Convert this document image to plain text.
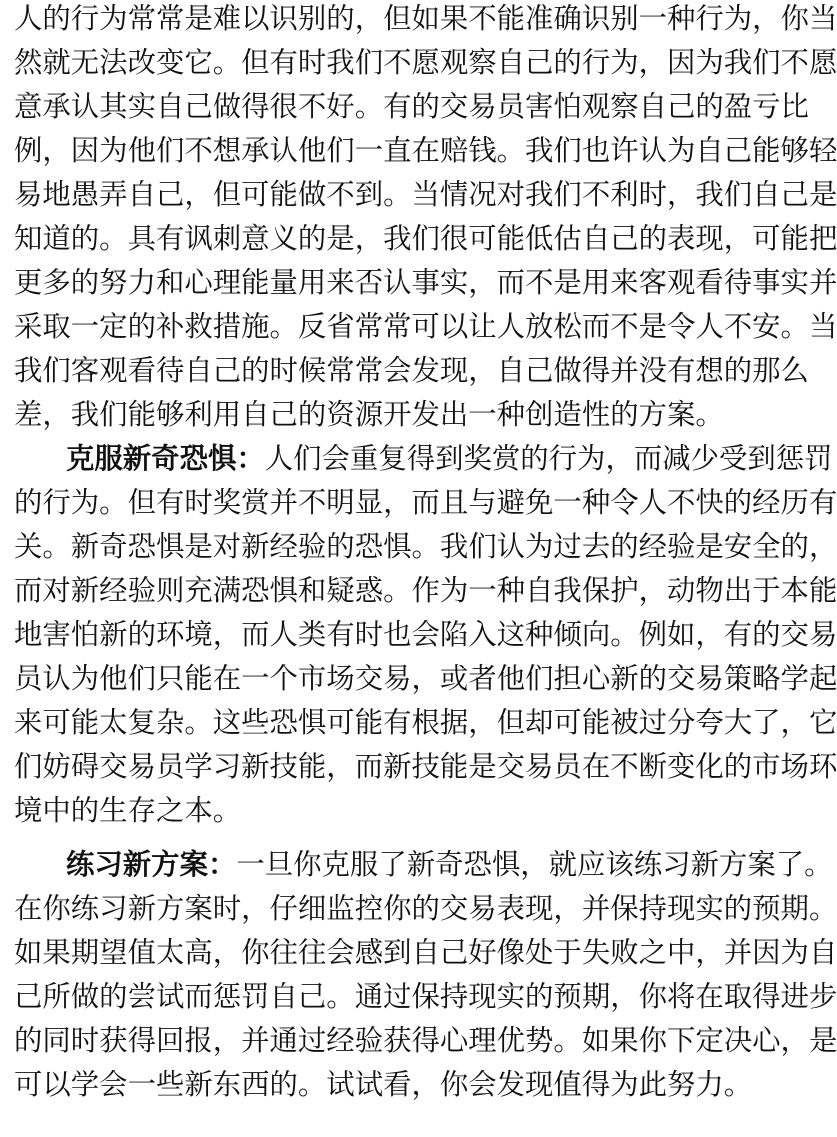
人的行为常常是难以识别的，但如果不能准确识别一种行为，你当
然就无法改变它。但有时我们不愿观察自己的行为，因为我们不愿
意承认其实自己做得很不好。有的交易员害怕观察自己的盈亏比
例，因为他们不想承认他们一直在赔钱。我们也许认为自己能够轻
易地愚弄自己，但可能做不到。当情况对我们不利时，我们自己是
知道的。具有讽刺意义的是，我们很可能低估自己的表现，可能把
更多的努力和心理能量用来否认事实，而不是用来客观看待事实并
采取一定的补救措施。反省常常可以让人放松而不是令人不安。当
我们客观看待自己的时候常常会发现，自己做得并没有想的那么
差，我们能够利用自己的资源开发出一种创造性的方案。
克服新奇恐惧：人们会重复得到奖赏的行为，而减少受到惩罚
的行为。但有时奖赏并不明显，而且与避免一种令人不快的经历有
关。新奇恐惧是对新经验的恐惧。我们认为过去的经验是安全的，
而对新经验则充满恐惧和疑惑。作为一种自我保护，动物出于本能
地害怕新的环境，而人类有时也会陷入这种倾向。例如，有的交易
员认为他们只能在一个市场交易，或者他们担心新的交易策略学起
来可能太复杂。这些恐惧可能有根据，但却可能被过分夸大了，它
们妨碍交易员学习新技能，而新技能是交易员在不断变化的市场环
境中的生存之本。
练习新方案：一旦你克服了新奇恐惧，就应该练习新方案了。
在你练习新方案时，仔细监控你的交易表现，并保持现实的预期。
如果期望值太高，你往往会感到自己好像处于失败之中，并因为自
己所做的尝试而惩罚自己。通过保持现实的预期，你将在取得进步
的同时获得回报，并通过经验获得心理优势。如果你下定决心，是
可以学会一些新东西的。试试看，你会发现值得为此努力。
